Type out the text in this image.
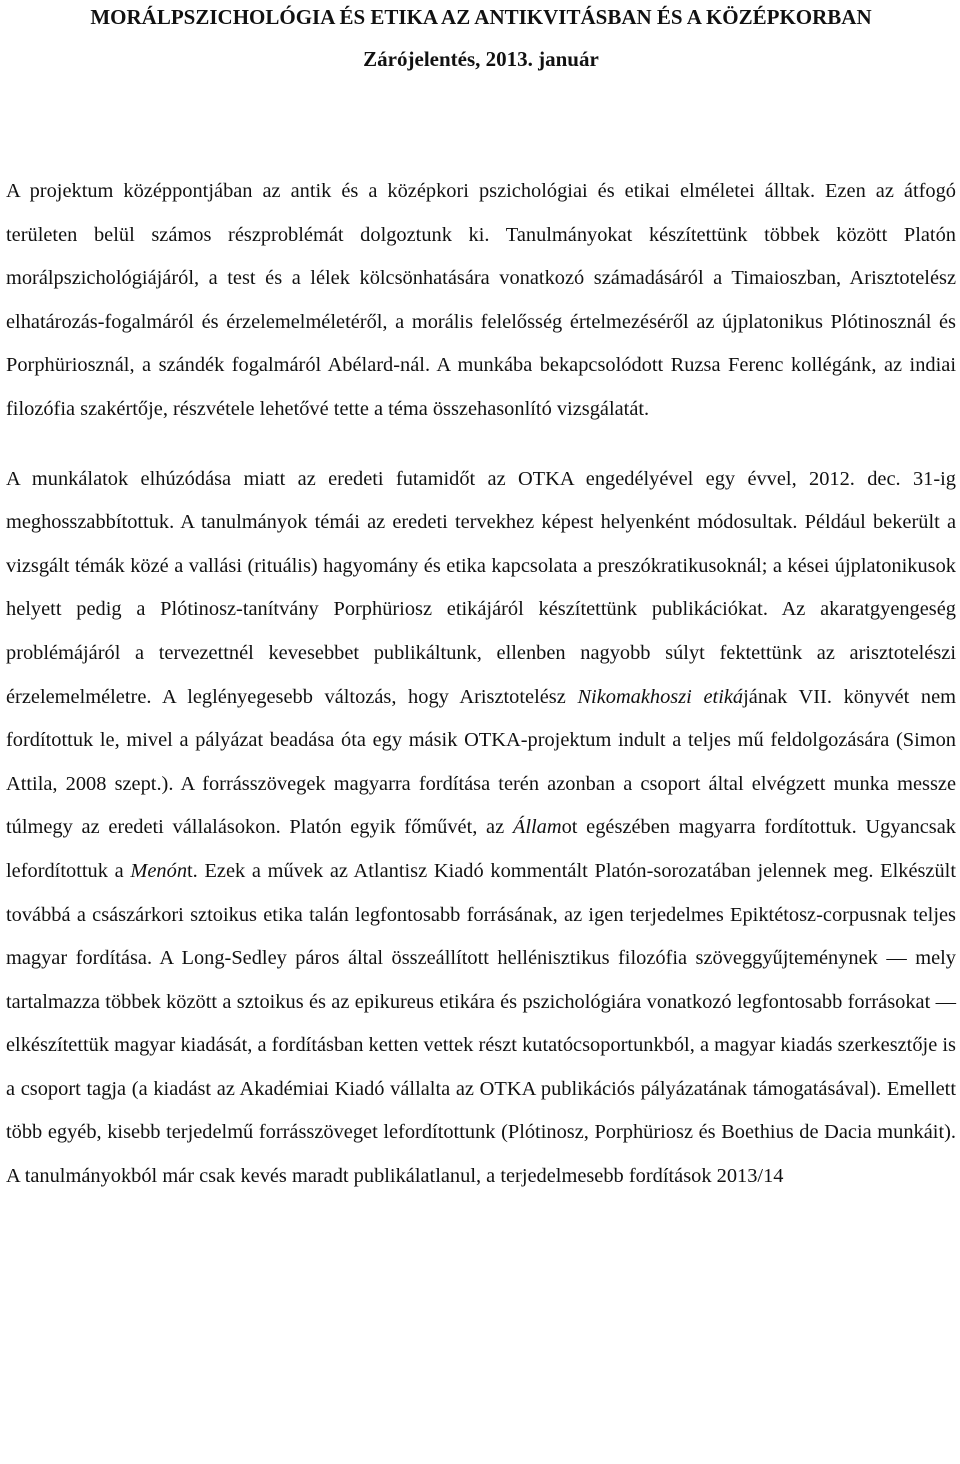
MORÁLPSZICHOLÓGIA ÉS ETIKA AZ ANTIKVITÁSBAN ÉS A KÖZÉPKORBAN
Zárójelentés, 2013. január

A projektum középpontjában az antik és a középkori pszichológiai és etikai elméletei álltak. Ezen az átfogó területen belül számos részproblémát dolgoztunk ki. Tanulmányokat készítettünk többek között Platón morálpszichológiájáról, a test és a lélek kölcsönhatására vonatkozó számadásáról a Timaioszban, Arisztotelész elhatározás-fogalmáról és érzelemelméletéről, a morális felelősség értelmezéséről az újplatonikus Plótinosznál és Porphüriosznál, a szándék fogalmáról Abélard-nál. A munkába bekapcsolódott Ruzsa Ferenc kollégánk, az indiai filozófia szakértője, részvétele lehetővé tette a téma összehasonlító vizsgálatát.

A munkálatok elhúzódása miatt az eredeti futamidőt az OTKA engedélyével egy évvel, 2012. dec. 31-ig meghosszabbítottuk. A tanulmányok témái az eredeti tervekhez képest helyenként módosultak. Például bekerült a vizsgált témák közé a vallási (rituális) hagyomány és etika kapcsolata a preszókratikusoknál; a kései újplatonikusok helyett pedig a Plótinosz-tanítvány Porphüriosz etikájáról készítettünk publikációkat. Az akaratgyengeség problémájáról a tervezettnél kevesebbet publikáltunk, ellenben nagyobb súlyt fektettünk az arisztotelészi érzelemelméletre. A leglényegesebb változás, hogy Arisztotelész Nikomakhoszi etikájának VII. könyvét nem fordítottuk le, mivel a pályázat beadása óta egy másik OTKA-projektum indult a teljes mű feldolgozására (Simon Attila, 2008 szept.). A forrásszövegek magyarra fordítása terén azonban a csoport által elvégzett munka messze túlmegy az eredeti vállalásokon. Platón egyik főművét, az Államot egészében magyarra fordítottuk. Ugyancsak lefordítottuk a Menónt. Ezek a művek az Atlantisz Kiadó kommentált Platón-sorozatában jelennek meg. Elkészült továbbá a császárkori sztoikus etika talán legfontosabb forrásának, az igen terjedelmes Epiktétosz-corpusnak teljes magyar fordítása. A Long-Sedley páros által összeállított hellénisztikus filozófia szöveggyűjteménynek — mely tartalmazza többek között a sztoikus és az epikureus etikára és pszichológiára vonatkozó legfontosabb forrásokat — elkészítettük magyar kiadását, a fordításban ketten vettek részt kutatócsoportunkból, a magyar kiadás szerkesztője is a csoport tagja (a kiadást az Akadémiai Kiadó vállalta az OTKA publikációs pályázatának támogatásával). Emellett több egyéb, kisebb terjedelmű forrásszöveget lefordítottunk (Plótinosz, Porphüriosz és Boethius de Dacia munkáit). A tanulmányokból már csak kevés maradt publikálatlanul, a terjedelmesebb fordítások 2013/14
